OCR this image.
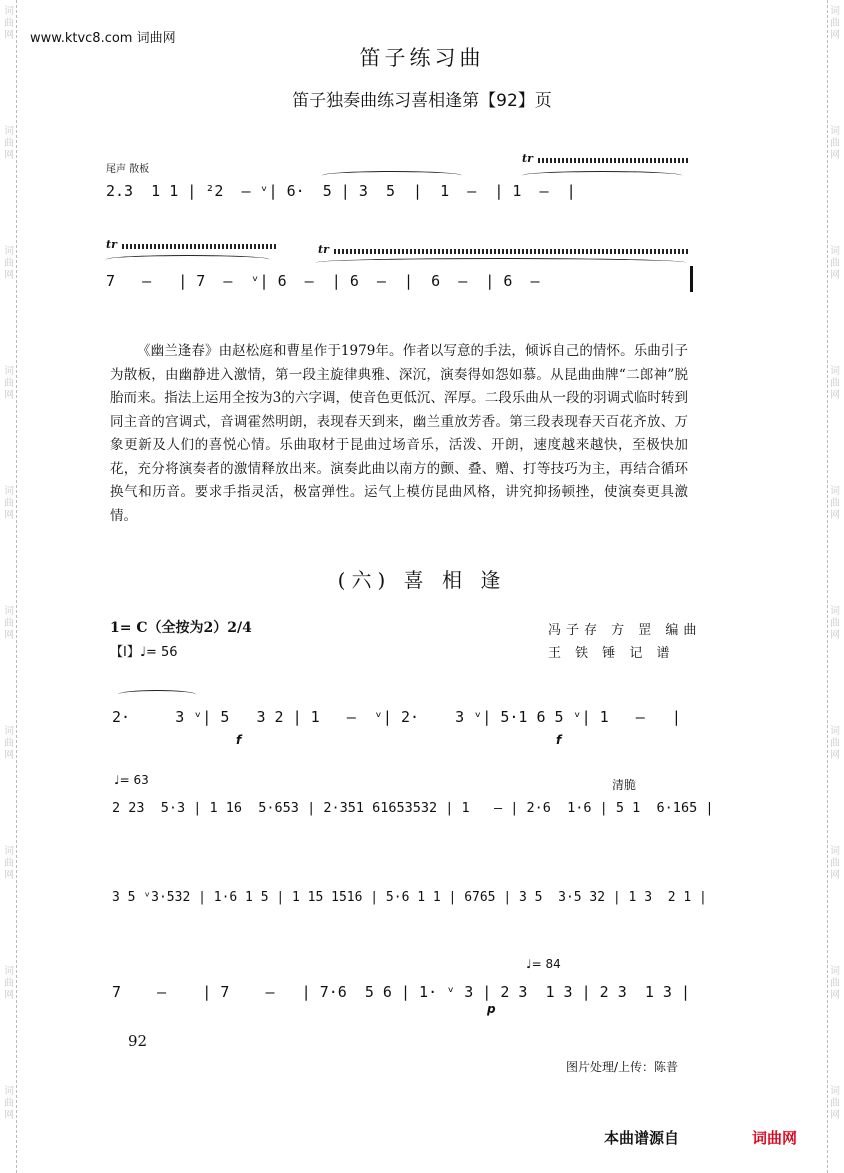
词
曲
网
词
曲
网
词
曲
网
词
曲
网
词
曲
网
词
曲
网
词
曲
网
词
曲
网
词
曲
网
词
曲
网
词
曲
网
词
曲
网
词
曲
网
词
曲
网
词
曲
网
词
曲
网
词
曲
网
词
曲
网
词
曲
网
词
曲
网
www.ktvc8.com 词曲网
笛子练习曲
笛子独奏曲练习喜相逢第【92】页
尾声 散板
tr
2.3  1 1 | ²2  – ᵛ| 6·  5 | 3  5  |  1  –  | 1  –  |
tr	tr
7   –   | 7  –  ᵛ| 6  –  | 6  –  |  6  –  | 6  –
《幽兰逢春》由赵松庭和曹星作于1979年。作者以写意的手法，倾诉自己的情怀。乐曲引子为散板，由幽静进入激情，第一段主旋律典雅、深沉，演奏得如怨如慕。从昆曲曲牌“二郎神”脱胎而来。指法上运用全按为3的六字调，使音色更低沉、浑厚。二段乐曲从一段的羽调式临时转到同主音的宫调式，音调霍然明朗，表现春天到来，幽兰重放芳香。第三段表现春天百花齐放、万象更新及人们的喜悦心情。乐曲取材于昆曲过场音乐，活泼、开朗，速度越来越快，至极快加花，充分将演奏者的激情释放出来。演奏此曲以南方的颤、叠、赠、打等技巧为主，再结合循环换气和历音。要求手指灵活，极富弹性。运气上模仿昆曲风格，讲究抑扬顿挫，使演奏更具激情。
(六) 喜 相 逢
1= C（全按为2）2/4
【I】♩= 56
冯子存 方 罡 编曲
王 铁 锤 记 谱
2·     3 ᵛ| 5   3 2 | 1   –  ᵛ| 2·    3 ᵛ| 5·1 6 5 ᵛ| 1   –   |
f	f
♩= 63	清脆
2 23  5·3 | 1 16  5·653 | 2·351 61653532 | 1   – | 2·6  1·6 | 5 1  6·165 |
3 5 ᵛ3·532 | 1·6 1 5 | 1 15 1516 | 5·6 1 1 | 6765 | 3 5  3·5 32 | 1 3  2 1 |
♩= 84
7    –    | 7    –   | 7·6  5 6 | 1· ᵛ 3 | 2 3  1 3 | 2 3  1 3 |
p
92
图片处理/上传：陈普
本曲谱源自	词曲网
